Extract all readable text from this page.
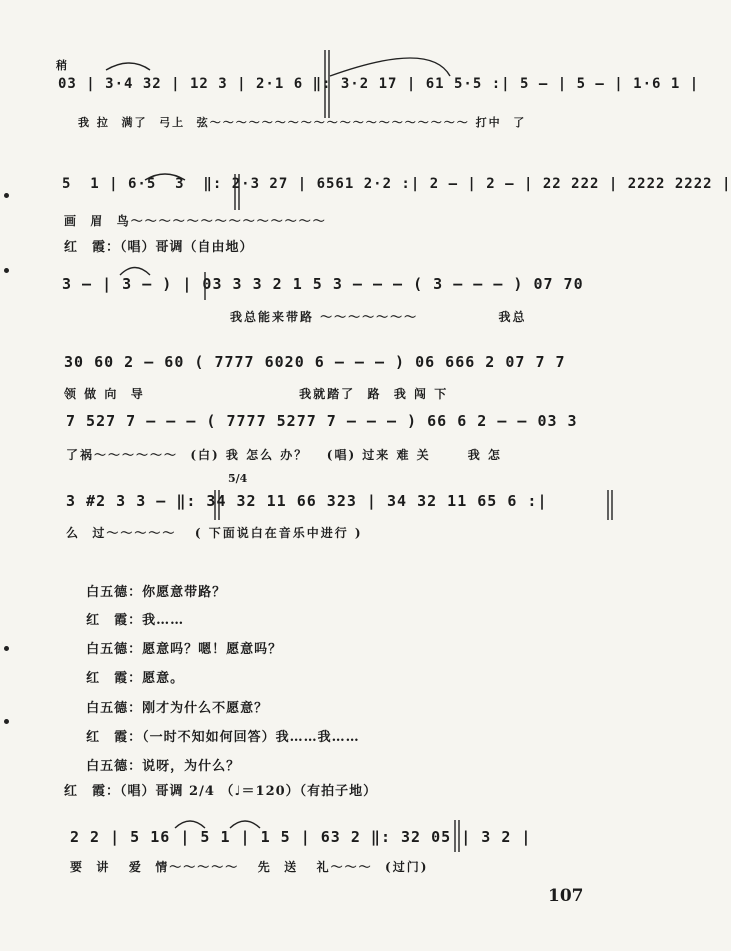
稍
03 | 3·4 32 | 12 3 | 2·1 6 ‖: 3·2 17 | 61 5·5 :| 5 — | 5 — | 1·6 1 |
我 拉  满了  弓上  弦～～～～～～～～～～～～～～～～～～～～ 打中  了
5  1 | 6·5  3  ‖: 2·3 27 | 6561 2·2 :| 2 — | 2 — | 22 222 | 2222 2222 |
画  眉  鸟～～～～～～～～～～～～～～
红　霞：（唱）哥调（自由地）
3 — | 3 — ) | 03 3 3 2 1 5 3 — — — ( 3 — — — ) 07 70
我总能来带路 ～～～～～～～             我总
30 60 2 — 60 ( 7777 6020 6 — — — ) 06 666 2 07 7 7
领 做 向  导                         我就踏了  路  我 闯 下
7 527 7 — — — ( 7777 5277 7 — — — ) 66 6 2 — — 03 3
了祸～～～～～～  (白) 我 怎么 办？   (唱) 过来 难 关      我 怎
5/4
3 #2 3 3 — ‖: 34 32 11 66 323 | 34 32 11 65 6 :|
么  过～～～～～   ( 下面说白在音乐中进行 )

白五德：你愿意带路？

红　霞：我……

白五德：愿意吗？嗯！愿意吗？

红　霞：愿意。

白五德：刚才为什么不愿意？

红　霞：（一时不知如何回答）我……我……

白五德：说呀，为什么？

红　霞：（唱）哥调 2/4 （♩＝120）（有拍子地）
2 2 | 5 16 | 5 1 | 1 5 | 63 2 ‖: 32 05 | 3 2 |
要  讲   爱  情～～～～～   先  送   礼～～～  (过门)
107
